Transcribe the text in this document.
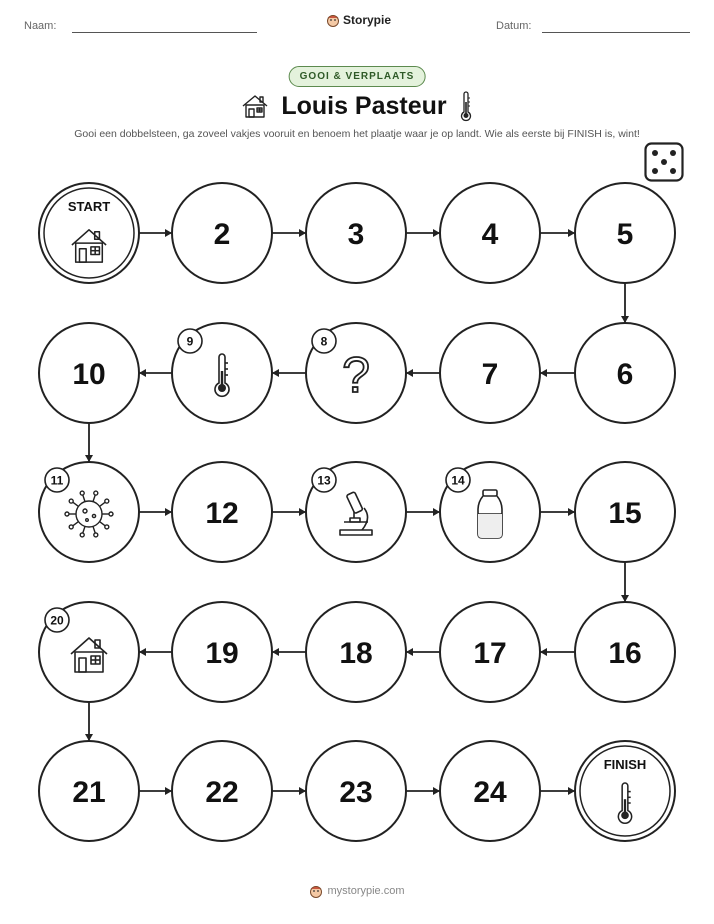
Naam:	Storypie	Datum:
GOOI & VERPLAATS
Louis Pasteur
Gooi een dobbelsteen, ga zoveel vakjes vooruit en benoem het plaatje waar je op landt. Wie als eerste bij FINISH is, wint!
START
2	3	4	5
6
7
?
8
9
10
11
12
13	14
15
16
17
18
19
20
21	22	23	24
FINISH
mystorypie.com
